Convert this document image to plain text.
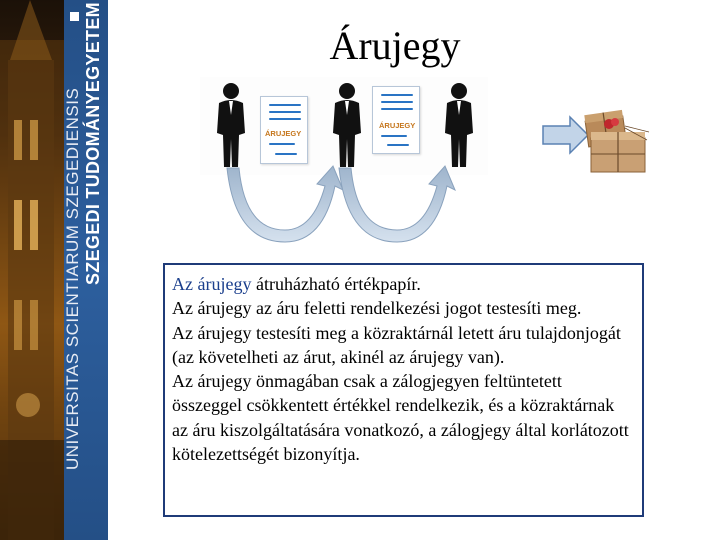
UNIVERSITAS SCIENTIARUM SZEGEDIENSIS SZEGEDI TUDOMÁNYEGYETEM	Árujegy
ÁRUJEGY
ÁRUJEGY

Az árujegy átruházható értékpapír.

Az árujegy az áru feletti rendelkezési jogot testesíti meg.

Az árujegy testesíti meg a közraktárnál letett áru tulajdonjogát (az követelheti az árut, akinél az árujegy van).

Az árujegy önmagában csak a zálogjegyen feltüntetett összeggel csökkentett értékkel rendelkezik, és a közraktárnak az áru kiszolgáltatására vonatkozó, a zálogjegy által korlátozott kötelezettségét bizonyítja.
